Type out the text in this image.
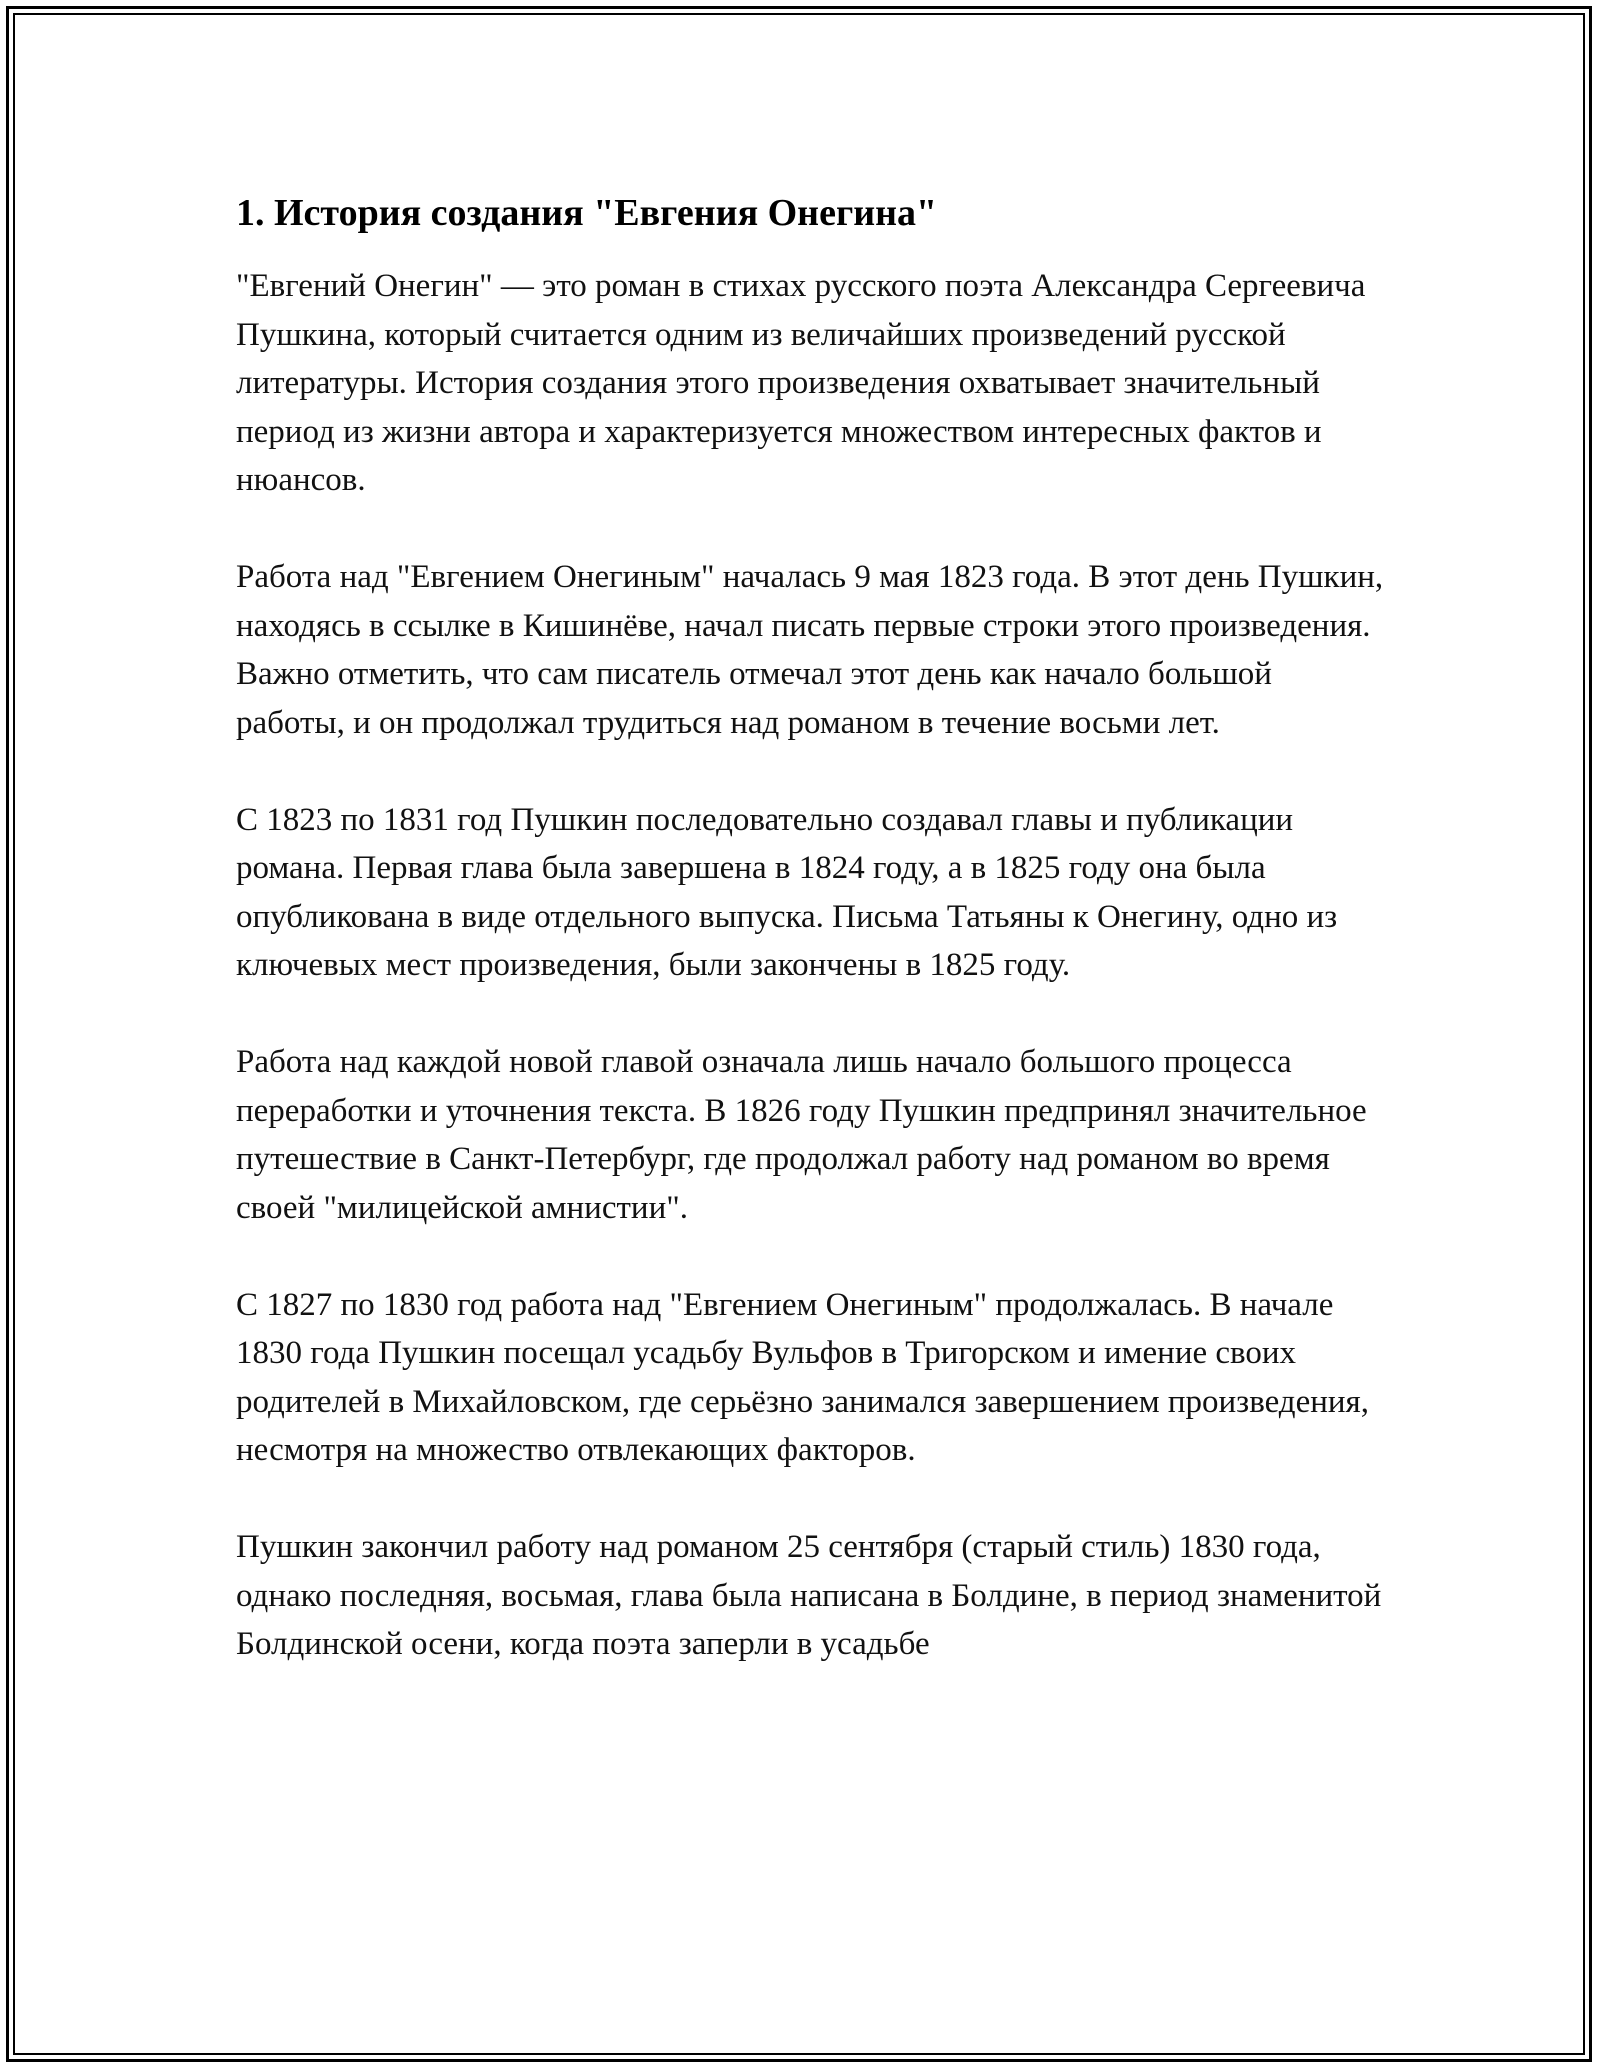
1. История создания "Евгения Онегина"

"Евгений Онегин" — это роман в стихах русского поэта Александра Сергеевича Пушкина, который считается одним из величайших произведений русской литературы. История создания этого произведения охватывает значительный период из жизни автора и характеризуется множеством интересных фактов и нюансов.

Работа над "Евгением Онегиным" началась 9 мая 1823 года. В этот день Пушкин, находясь в ссылке в Кишинёве, начал писать первые строки этого произведения. Важно отметить, что сам писатель отмечал этот день как начало большой работы, и он продолжал трудиться над романом в течение восьми лет.

С 1823 по 1831 год Пушкин последовательно создавал главы и публикации романа. Первая глава была завершена в 1824 году, а в 1825 году она была опубликована в виде отдельного выпуска. Письма Татьяны к Онегину, одно из ключевых мест произведения, были закончены в 1825 году.

Работа над каждой новой главой означала лишь начало большого процесса переработки и уточнения текста. В 1826 году Пушкин предпринял значительное путешествие в Санкт-Петербург, где продолжал работу над романом во время своей "милицейской амнистии".

С 1827 по 1830 год работа над "Евгением Онегиным" продолжалась. В начале 1830 года Пушкин посещал усадьбу Вульфов в Тригорском и имение своих родителей в Михайловском, где серьёзно занимался завершением произведения, несмотря на множество отвлекающих факторов.

Пушкин закончил работу над романом 25 сентября (старый стиль) 1830 года, однако последняя, восьмая, глава была написана в Болдине, в период знаменитой Болдинской осени, когда поэта заперли в усадьбе
